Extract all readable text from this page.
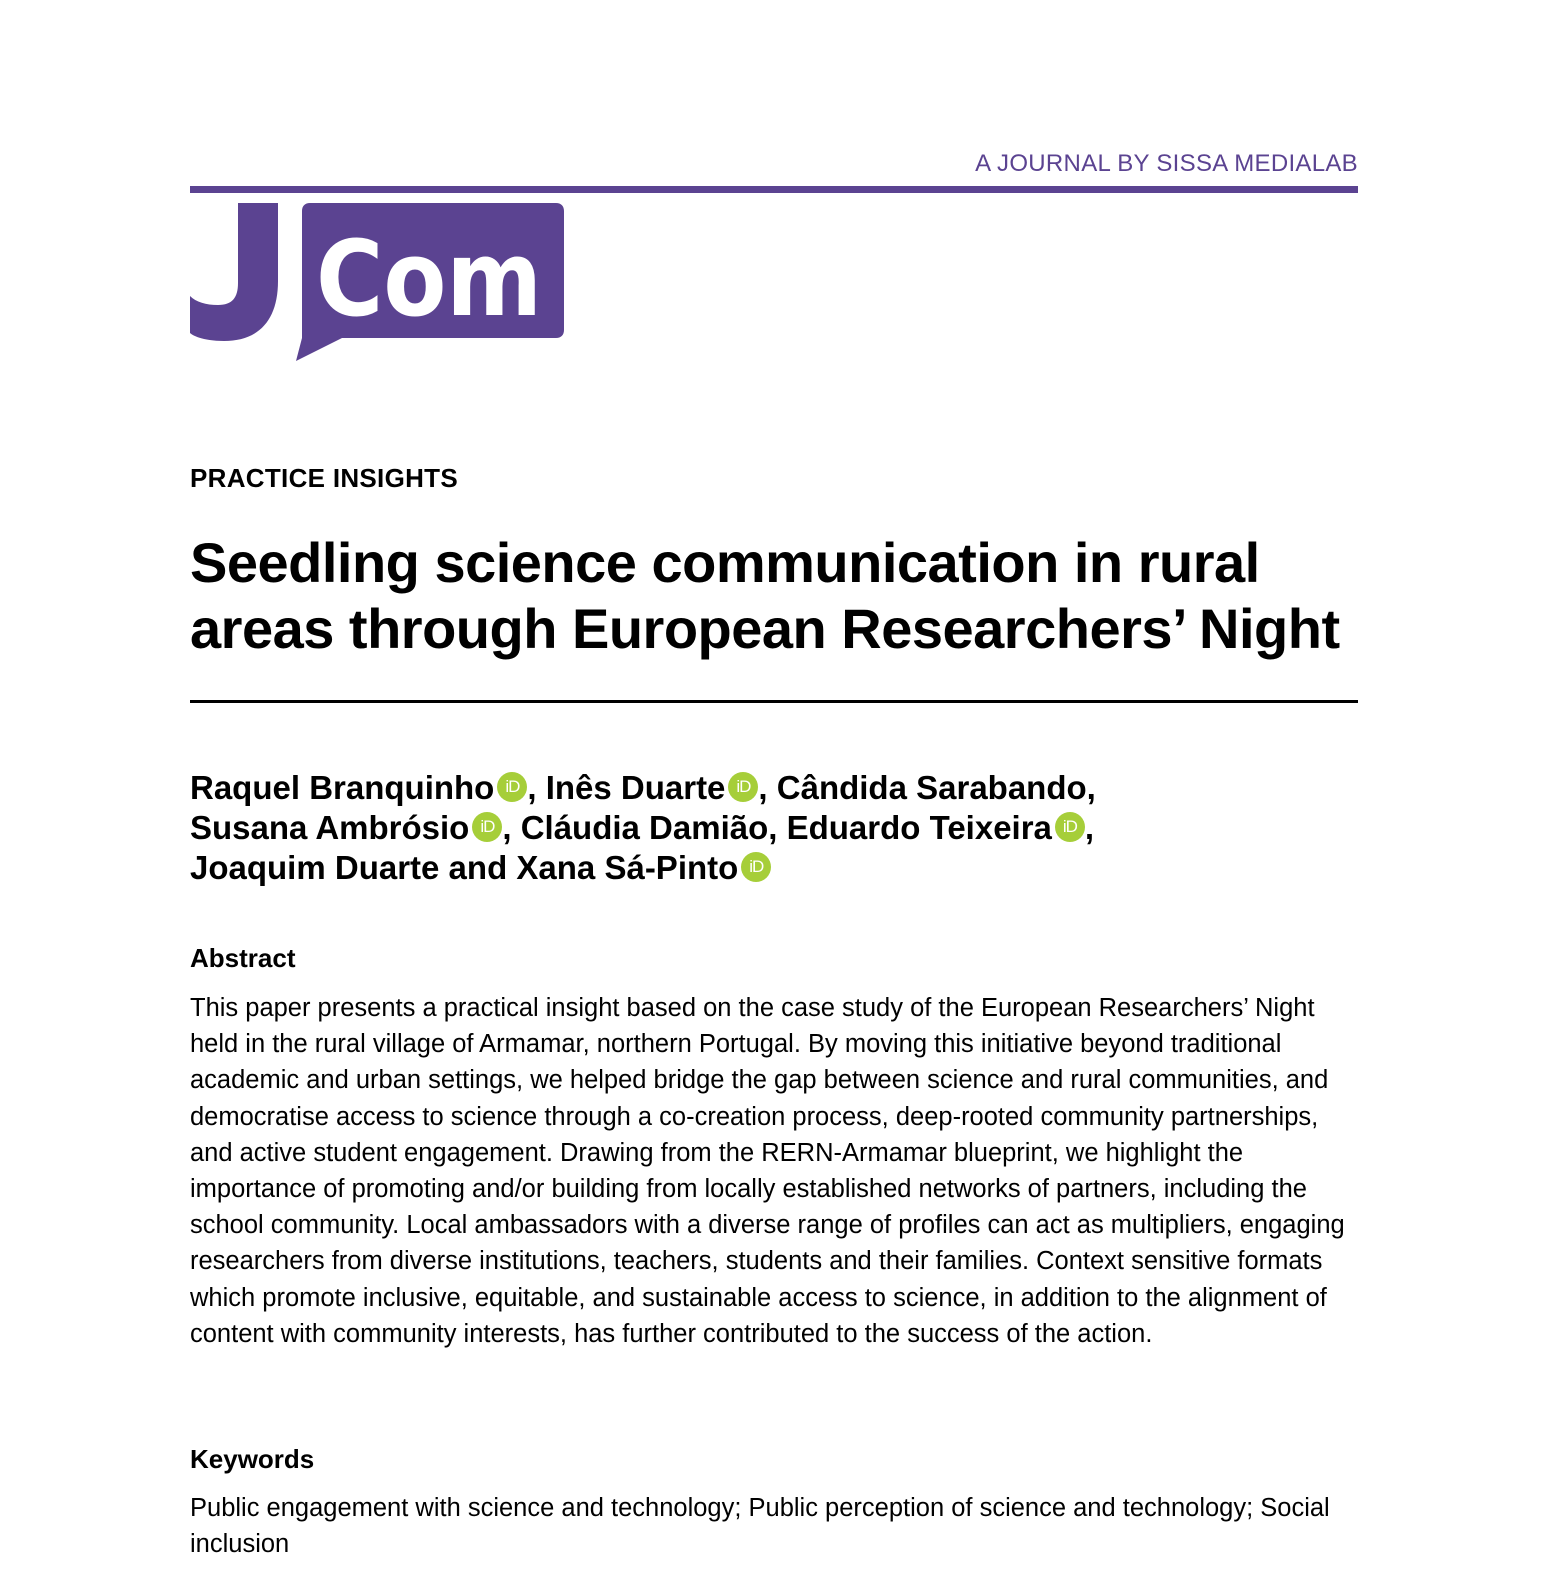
A JOURNAL BY SISSA MEDIALAB
Com
PRACTICE INSIGHTS
Seedling science communication in rural areas through European Researchers’ Night
Raquel Branquinho iD , Inês Duarte iD , Cândida Sarabando,
Susana Ambrósio iD , Cláudia Damião, Eduardo Teixeira iD ,
Joaquim Duarte and Xana Sá-Pinto iD
Abstract

This paper presents a practical insight based on the case study of the European Researchers’ Night held in the rural village of Armamar, northern Portugal. By moving this initiative beyond traditional academic and urban settings, we helped bridge the gap between science and rural communities, and democratise access to science through a co-creation process, deep-rooted community partnerships, and active student engagement. Drawing from the RERN-Armamar blueprint, we highlight the importance of promoting and/or building from locally established networks of partners, including the school community. Local ambassadors with a diverse range of profiles can act as multipliers, engaging researchers from diverse institutions, teachers, students and their families. Context sensitive formats which promote inclusive, equitable, and sustainable access to science, in addition to the alignment of content with community interests, has further contributed to the success of the action.

Keywords

Public engagement with science and technology; Public perception of science and technology; Social inclusion
